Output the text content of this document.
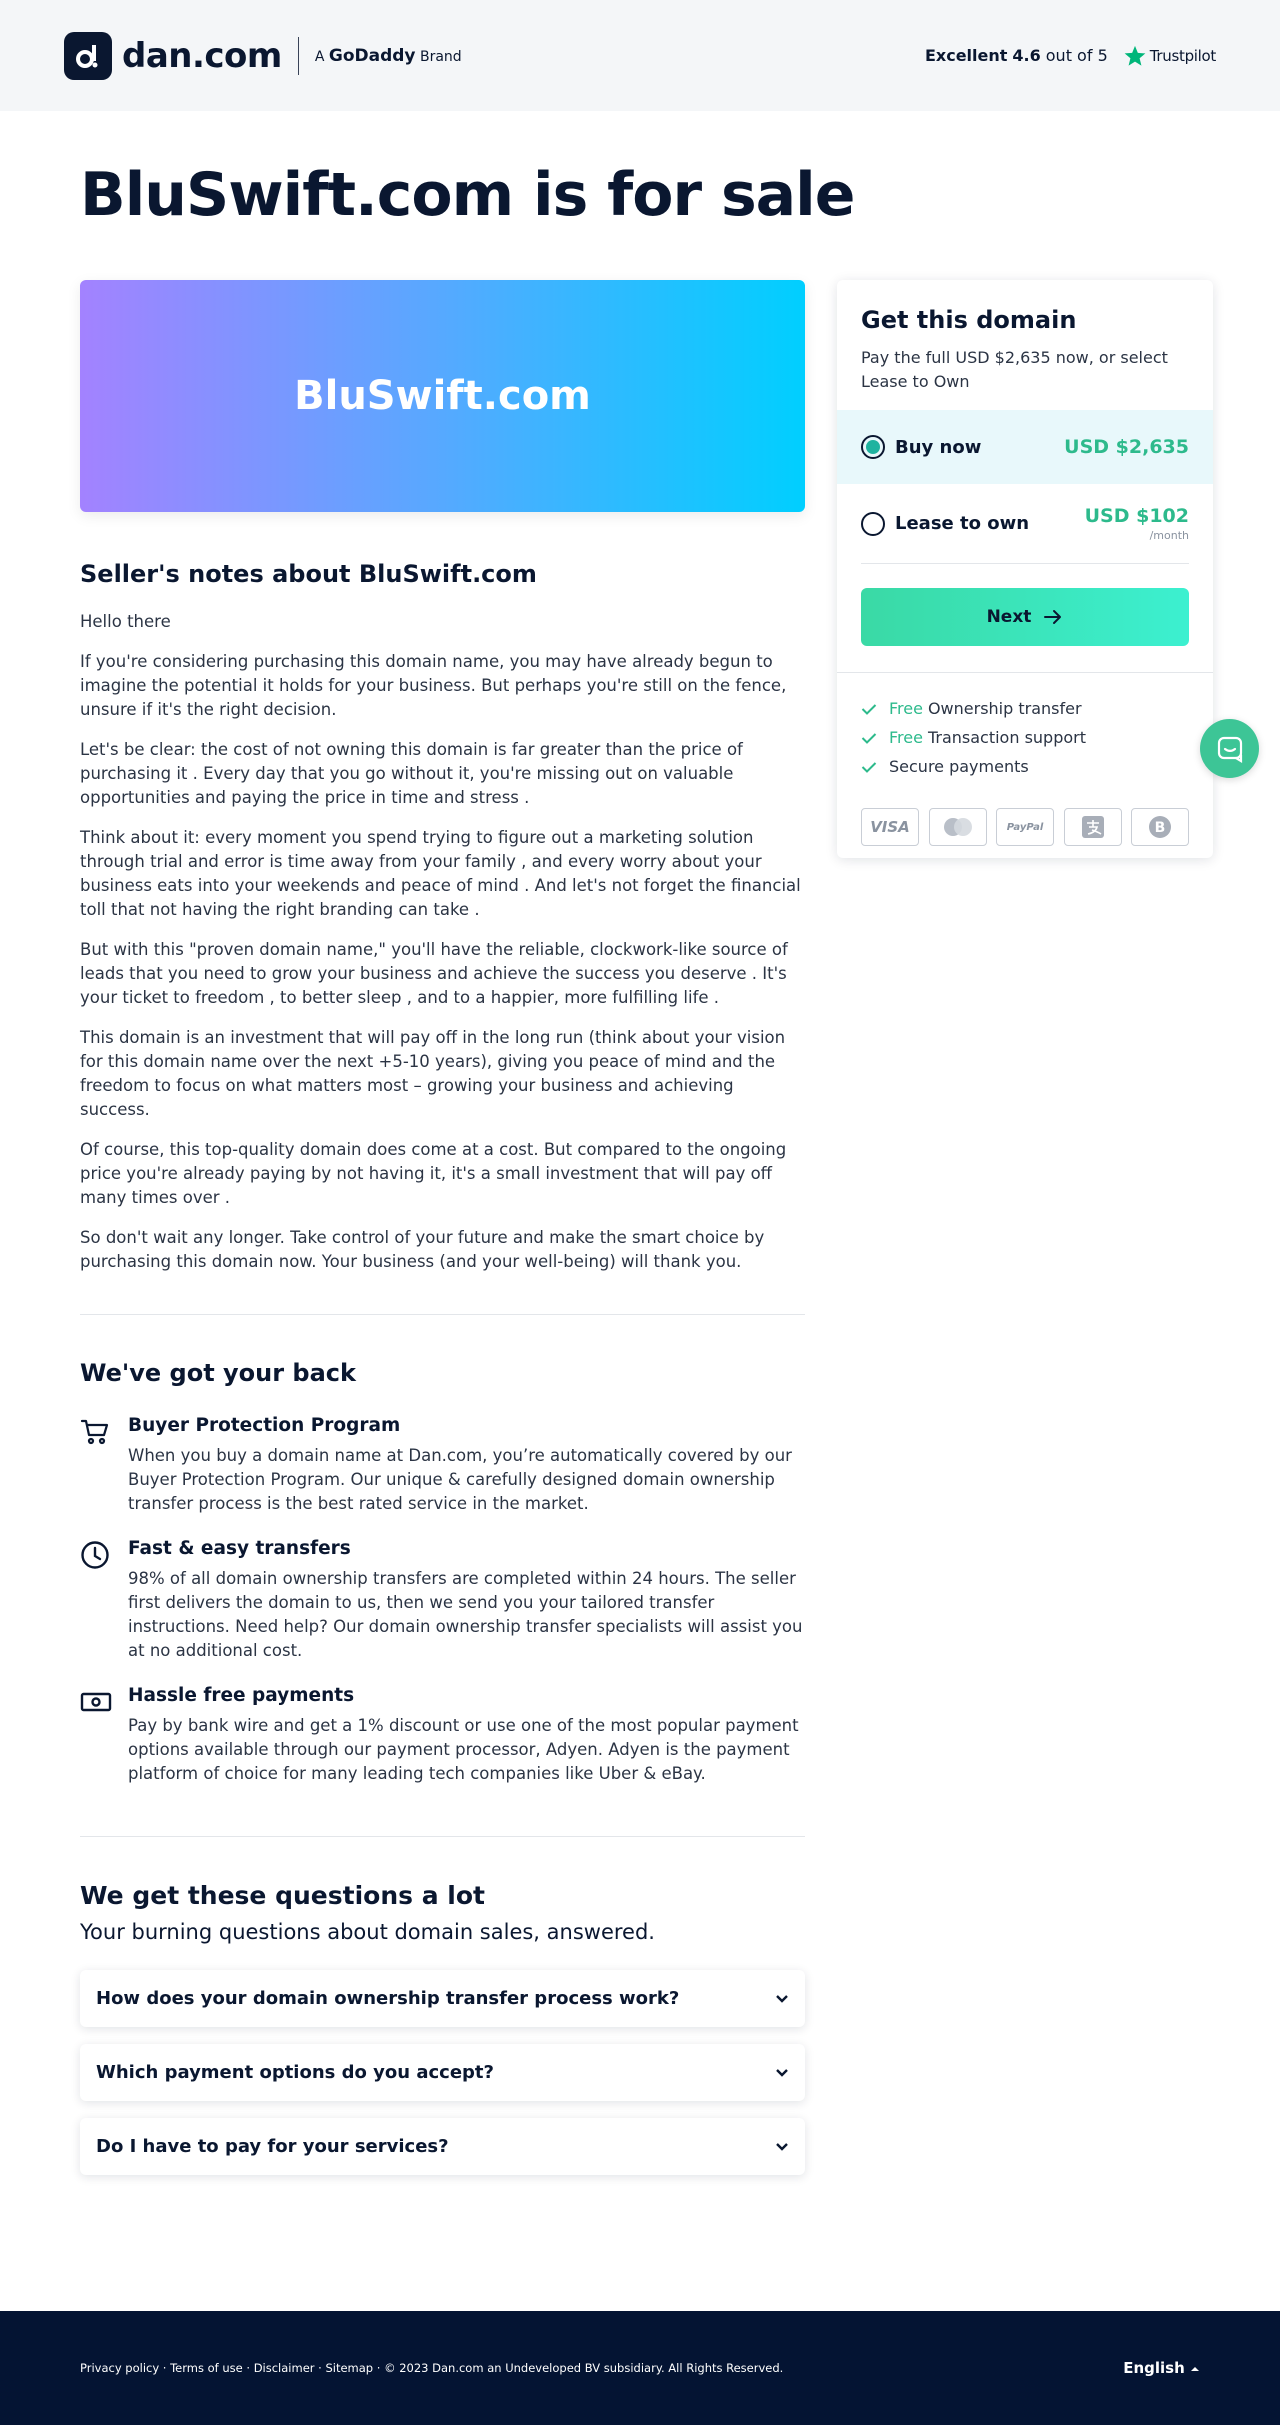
dan.com A GoDaddy Brand	Excellent 4.6 out of 5	Trustpilot
BluSwift.com is for sale
BluSwift.com
Seller's notes about BluSwift.com

Hello there

If you're considering purchasing this domain name, you may have already begun to imagine the potential it holds for your business. But perhaps you're still on the fence, unsure if it's the right decision.

Let's be clear: the cost of not owning this domain is far greater than the price of purchasing it . Every day that you go without it, you're missing out on valuable opportunities and paying the price in time and stress .

Think about it: every moment you spend trying to figure out a marketing solution through trial and error is time away from your family , and every worry about your business eats into your weekends and peace of mind . And let's not forget the financial toll that not having the right branding can take .

But with this "proven domain name," you'll have the reliable, clockwork-like source of leads that you need to grow your business and achieve the success you deserve . It's your ticket to freedom , to better sleep , and to a happier, more fulfilling life .

This domain is an investment that will pay off in the long run (think about your vision for this domain name over the next +5-10 years), giving you peace of mind and the freedom to focus on what matters most – growing your business and achieving success.

Of course, this top-quality domain does come at a cost. But compared to the ongoing price you're already paying by not having it, it's a small investment that will pay off many times over .

So don't wait any longer. Take control of your future and make the smart choice by purchasing this domain now. Your business (and your well-being) will thank you.

We've got your back
Buyer Protection Program

When you buy a domain name at Dan.com, you’re automatically covered by our Buyer Protection Program. Our unique & carefully designed domain ownership transfer process is the best rated service in the market.

Fast & easy transfers

98% of all domain ownership transfers are completed within 24 hours. The seller first delivers the domain to us, then we send you your tailored transfer instructions. Need help? Our domain ownership transfer specialists will assist you at no additional cost.

Hassle free payments

Pay by bank wire and get a 1% discount or use one of the most popular payment options available through our payment processor, Adyen. Adyen is the payment platform of choice for many leading tech companies like Uber & eBay.

We get these questions a lot

Your burning questions about domain sales, answered.

How does your domain ownership transfer process work?
Which payment options do you accept?
Do I have to pay for your services?
Get this domain

Pay the full USD $2,635 now, or select Lease to Own

Buy now	USD $2,635
Lease to own	USD $102
/month
Next
Free Ownership transfer
Free Transaction support
Secure payments
VISA	PayPal	B
Privacy policy · Terms of use · Disclaimer · Sitemap · © 2023 Dan.com an Undeveloped BV subsidiary. All Rights Reserved.	English
